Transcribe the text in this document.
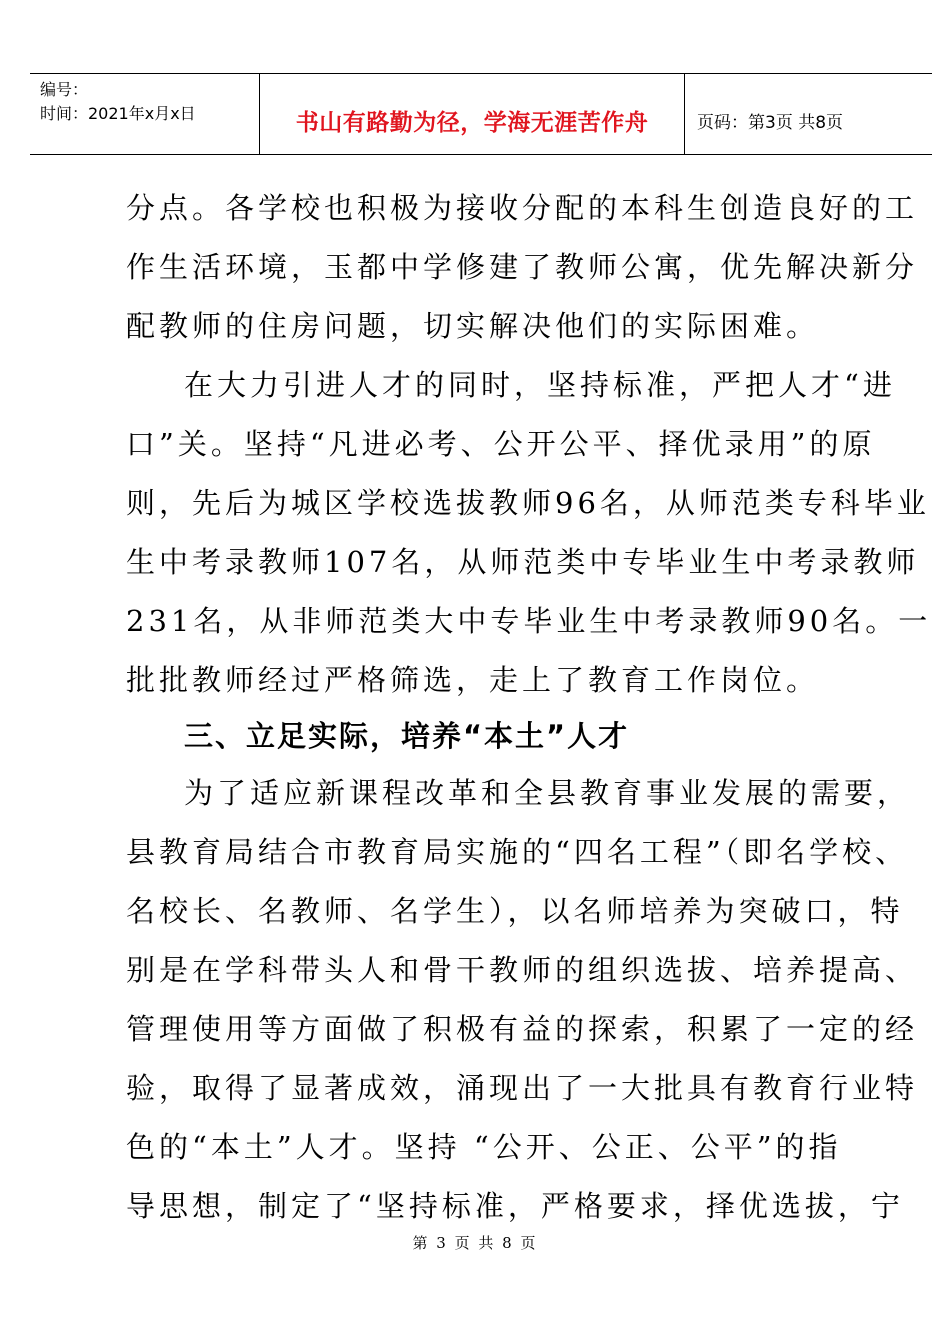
编号：
时间：2021年x月x日	书山有路勤为径，学海无涯苦作舟	页码：第3页 共8页
分点。各学校也积极为接收分配的本科生创造良好的工
作生活环境，玉都中学修建了教师公寓，优先解决新分
配教师的住房问题，切实解决他们的实际困难。
在大力引进人才的同时，坚持标准，严把人才“进
口”关。坚持“凡进必考、公开公平、择优录用”的原
则，先后为城区学校选拔教师96名，从师范类专科毕业
生中考录教师107名，从师范类中专毕业生中考录教师
231名，从非师范类大中专毕业生中考录教师90名。一
批批教师经过严格筛选，走上了教育工作岗位。
三、立足实际，培养“本土”人才
为了适应新课程改革和全县教育事业发展的需要，
县教育局结合市教育局实施的“四名工程”（即名学校、
名校长、名教师、名学生），以名师培养为突破口，特
别是在学科带头人和骨干教师的组织选拔、培养提高、
管理使用等方面做了积极有益的探索，积累了一定的经
验，取得了显著成效，涌现出了一大批具有教育行业特
色的“本土”人才。坚持 “公开、公正、公平”的指
导思想，制定了“坚持标准，严格要求，择优选拔，宁
第 3 页 共 8 页
